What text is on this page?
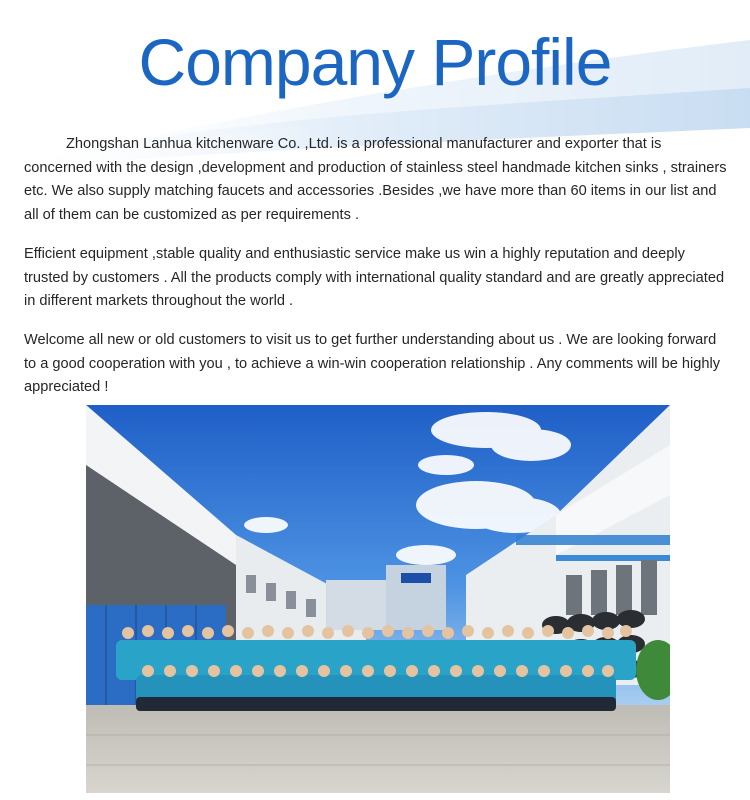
Company Profile
Zhongshan Lanhua kitchenware Co. ,Ltd. is a professional manufacturer and exporter that is concerned with the design ,development and production of stainless steel handmade kitchen sinks , strainers etc. We also supply matching faucets and accessories .Besides ,we have more than 60 items in our list and all of them can be customized as per requirements .
Efficient equipment ,stable quality and enthusiastic service make us win a highly reputation and deeply trusted by customers . All the products comply with international quality standard and are greatly appreciated in different markets throughout the world .
Welcome all new or old customers to visit us to get further understanding about us . We are looking forward to a good cooperation with you , to achieve a win-win cooperation relationship . Any comments will be highly appreciated !
